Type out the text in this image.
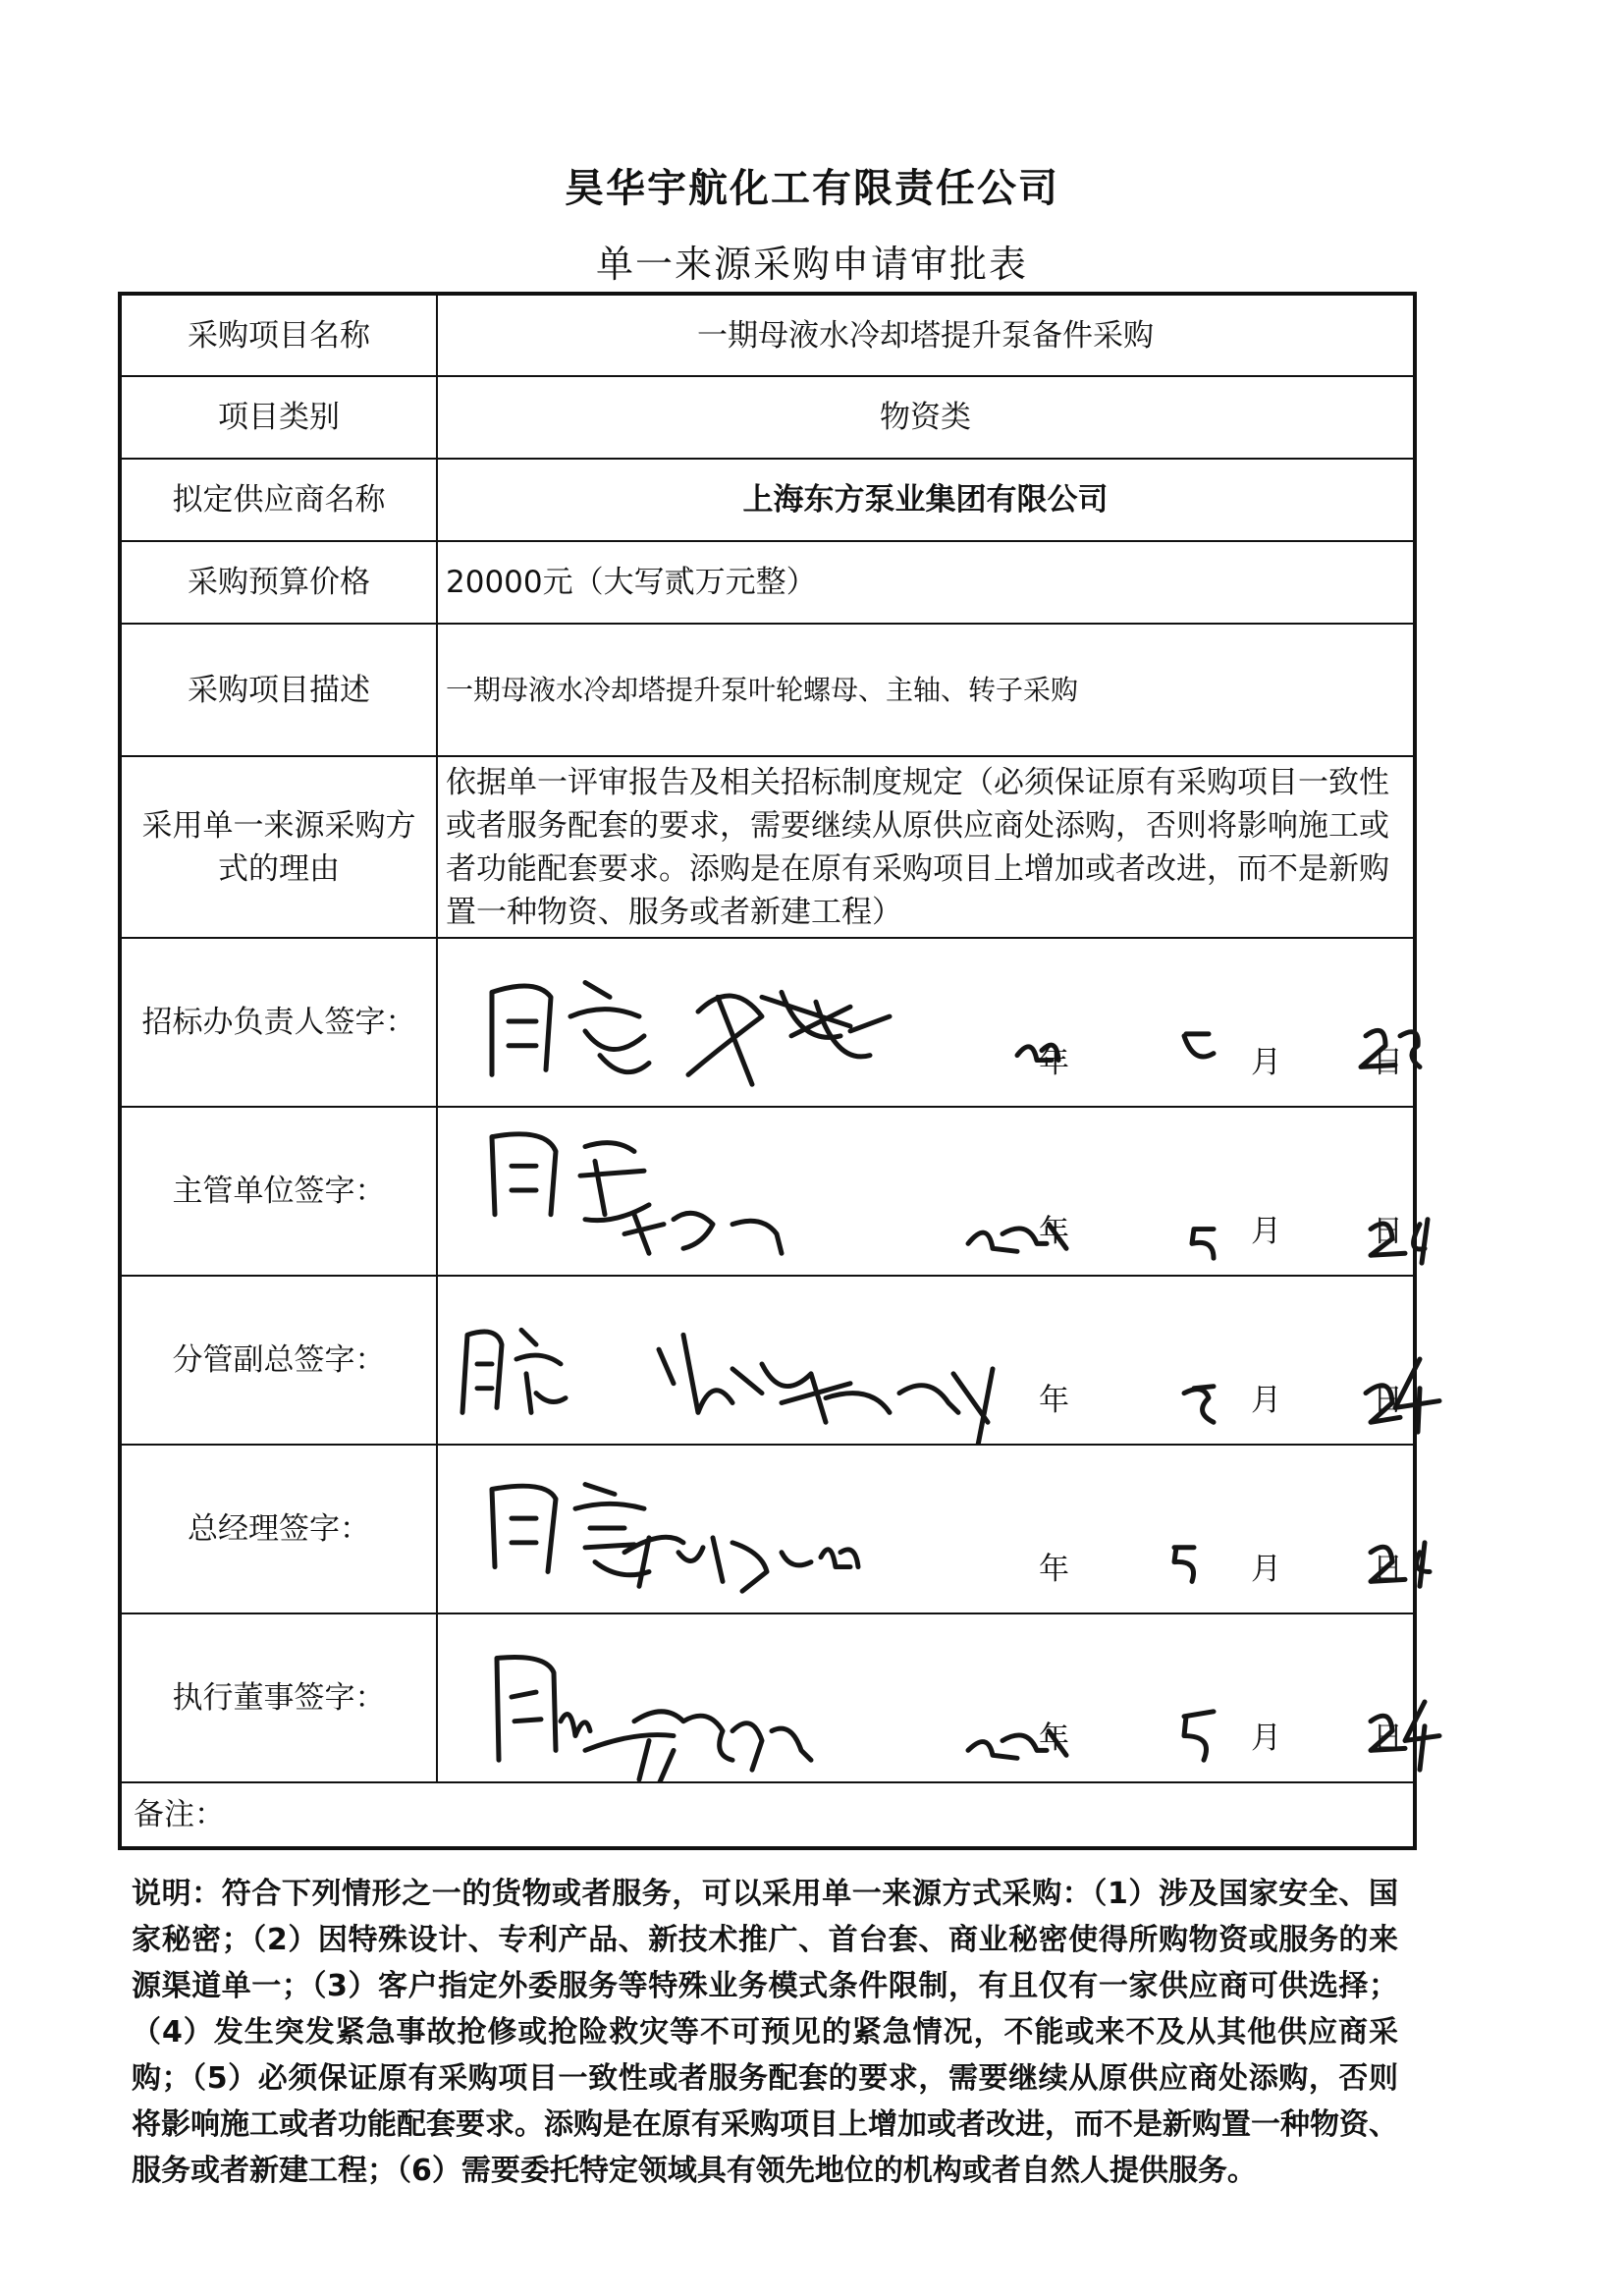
昊华宇航化工有限责任公司
单一来源采购申请审批表
采购项目名称	一期母液水冷却塔提升泵备件采购
项目类别	物资类
拟定供应商名称	上海东方泵业集团有限公司
采购预算价格	20000元（大写贰万元整）
采购项目描述	一期母液水冷却塔提升泵叶轮螺母、主轴、转子采购
采用单一来源采购方式的理由	依据单一评审报告及相关招标制度规定（必须保证原有采购项目一致性或者服务配套的要求，需要继续从原供应商处添购，否则将影响施工或者功能配套要求。添购是在原有采购项目上增加或者改进，而不是新购置一种物资、服务或者新建工程）
招标办负责人签字：	年 月 日

主管单位签字：	年 月 日

分管副总签字：	年 月 日

总经理签字：	年 月 日

执行董事签字：	年 月 日

备注：	
说明：符合下列情形之一的货物或者服务，可以采用单一来源方式采购：（1）涉及国家安全、国家秘密；（2）因特殊设计、专利产品、新技术推广、首台套、商业秘密使得所购物资或服务的来源渠道单一；（3）客户指定外委服务等特殊业务模式条件限制，有且仅有一家供应商可供选择；（4）发生突发紧急事故抢修或抢险救灾等不可预见的紧急情况，不能或来不及从其他供应商采购；（5）必须保证原有采购项目一致性或者服务配套的要求，需要继续从原供应商处添购，否则将影响施工或者功能配套要求。添购是在原有采购项目上增加或者改进，而不是新购置一种物资、服务或者新建工程；（6）需要委托特定领域具有领先地位的机构或者自然人提供服务。
